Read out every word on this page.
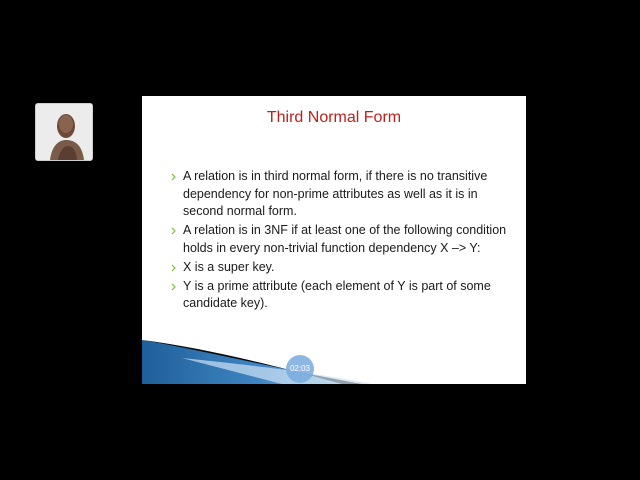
Third Normal Form
A relation is in third normal form, if there is no transitive dependency for non-prime attributes as well as it is in second normal form.
A relation is in 3NF if at least one of the following condition holds in every non-trivial function dependency X –> Y:
X is a super key.
Y is a prime attribute (each element of Y is part of some candidate key).
02:03
